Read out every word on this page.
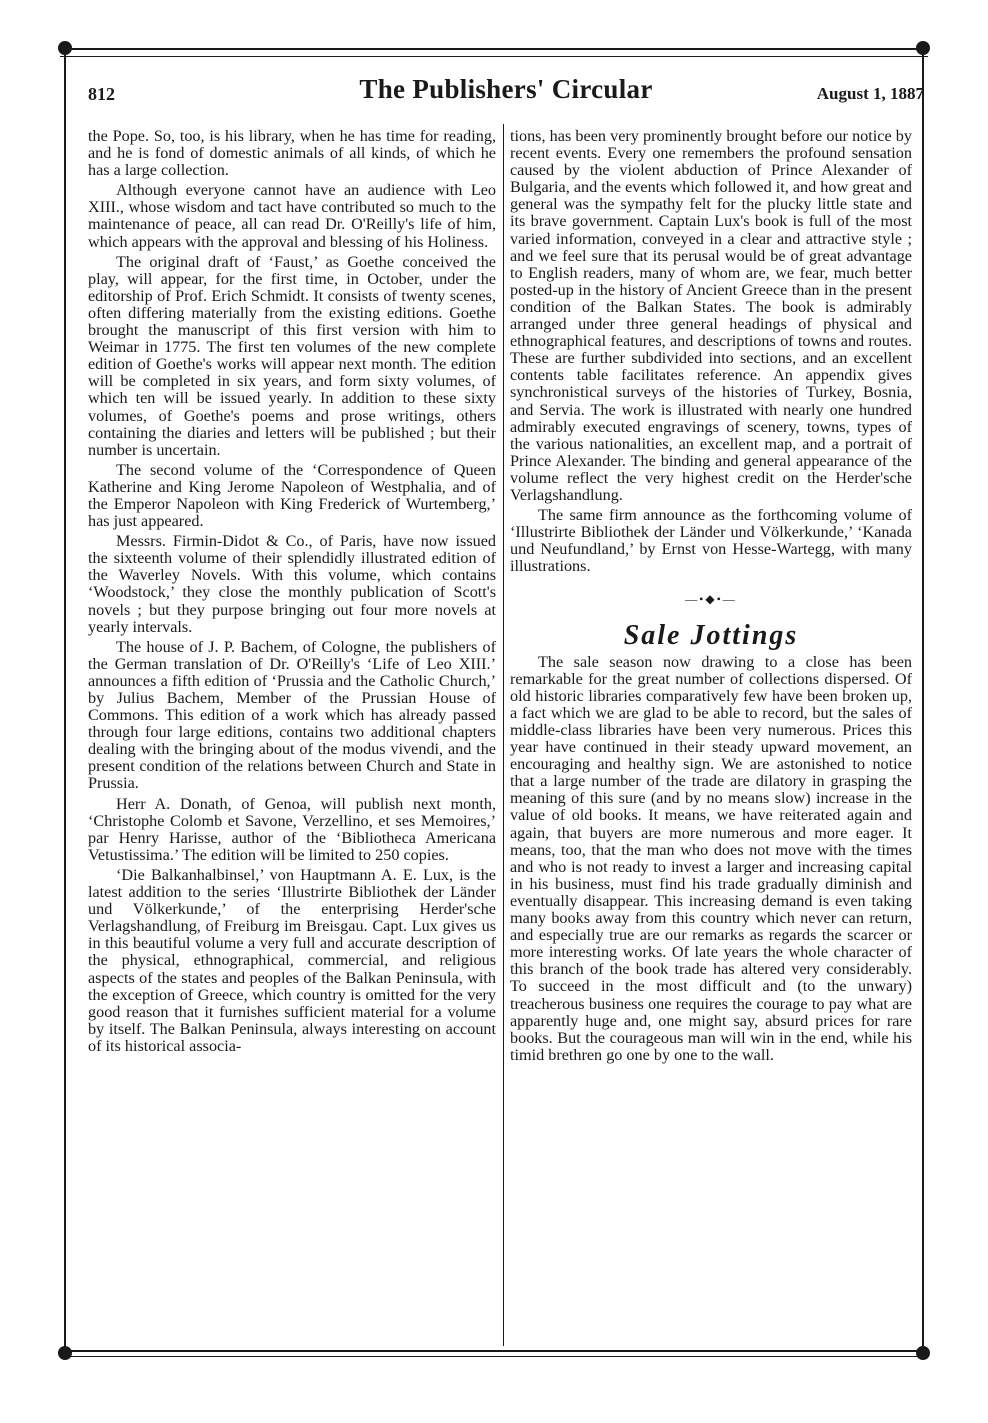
812	The Publishers' Circular	August 1, 1887

the Pope. So, too, is his library, when he has time for reading, and he is fond of domestic animals of all kinds, of which he has a large collection.

Although everyone cannot have an audience with Leo XIII., whose wisdom and tact have contributed so much to the maintenance of peace, all can read Dr. O'Reilly's life of him, which appears with the approval and blessing of his Holiness.

The original draft of ‘Faust,’ as Goethe conceived the play, will appear, for the first time, in October, under the editorship of Prof. Erich Schmidt. It consists of twenty scenes, often differing materially from the existing editions. Goethe brought the manuscript of this first version with him to Weimar in 1775. The first ten volumes of the new complete edition of Goethe's works will appear next month. The edition will be completed in six years, and form sixty volumes, of which ten will be issued yearly. In addition to these sixty volumes, of Goethe's poems and prose writings, others containing the diaries and letters will be published ; but their number is uncertain.

The second volume of the ‘Correspondence of Queen Katherine and King Jerome Napoleon of Westphalia, and of the Emperor Napoleon with King Frederick of Wurtemberg,’ has just appeared.

Messrs. Firmin-Didot & Co., of Paris, have now issued the sixteenth volume of their splendidly illustrated edition of the Waverley Novels. With this volume, which contains ‘Woodstock,’ they close the monthly publication of Scott's novels ; but they purpose bringing out four more novels at yearly intervals.

The house of J. P. Bachem, of Cologne, the publishers of the German translation of Dr. O'Reilly's ‘Life of Leo XIII.’ announces a fifth edition of ‘Prussia and the Catholic Church,’ by Julius Bachem, Member of the Prussian House of Commons. This edition of a work which has already passed through four large editions, contains two additional chapters dealing with the bringing about of the modus vivendi, and the present condition of the relations between Church and State in Prussia.

Herr A. Donath, of Genoa, will publish next month, ‘Christophe Colomb et Savone, Verzellino, et ses Memoires,’ par Henry Harisse, author of the ‘Bibliotheca Americana Vetustissima.’ The edition will be limited to 250 copies.

‘Die Balkanhalbinsel,’ von Hauptmann A. E. Lux, is the latest addition to the series ‘Illustrirte Bibliothek der Länder und Völkerkunde,’ of the enterprising Herder'sche Verlagshandlung, of Freiburg im Breisgau. Capt. Lux gives us in this beautiful volume a very full and accurate description of the physical, ethnographical, commercial, and religious aspects of the states and peoples of the Balkan Peninsula, with the exception of Greece, which country is omitted for the very good reason that it furnishes sufficient material for a volume by itself. The Balkan Peninsula, always interesting on account of its historical associa-

tions, has been very prominently brought before our notice by recent events. Every one remembers the profound sensation caused by the violent abduction of Prince Alexander of Bulgaria, and the events which followed it, and how great and general was the sympathy felt for the plucky little state and its brave government. Captain Lux's book is full of the most varied information, conveyed in a clear and attractive style ; and we feel sure that its perusal would be of great advantage to English readers, many of whom are, we fear, much better posted-up in the history of Ancient Greece than in the present condition of the Balkan States. The book is admirably arranged under three general headings of physical and ethnographical features, and descriptions of towns and routes. These are further subdivided into sections, and an excellent contents table facilitates reference. An appendix gives synchronistical surveys of the histories of Turkey, Bosnia, and Servia. The work is illustrated with nearly one hundred admirably executed engravings of scenery, towns, types of the various nationalities, an excellent map, and a portrait of Prince Alexander. The binding and general appearance of the volume reflect the very highest credit on the Herder'sche Verlagshandlung.

The same firm announce as the forthcoming volume of ‘Illustrirte Bibliothek der Länder und Völkerkunde,’ ‘Kanada und Neufundland,’ by Ernst von Hesse-Wartegg, with many illustrations.

—•◆•—
Sale Jottings

The sale season now drawing to a close has been remarkable for the great number of collections dispersed. Of old historic libraries comparatively few have been broken up, a fact which we are glad to be able to record, but the sales of middle-class libraries have been very numerous. Prices this year have continued in their steady upward movement, an encouraging and healthy sign. We are astonished to notice that a large number of the trade are dilatory in grasping the meaning of this sure (and by no means slow) increase in the value of old books. It means, we have reiterated again and again, that buyers are more numerous and more eager. It means, too, that the man who does not move with the times and who is not ready to invest a larger and increasing capital in his business, must find his trade gradually diminish and eventually disappear. This increasing demand is even taking many books away from this country which never can return, and especially true are our remarks as regards the scarcer or more interesting works. Of late years the whole character of this branch of the book trade has altered very considerably. To succeed in the most difficult and (to the unwary) treacherous business one requires the courage to pay what are apparently huge and, one might say, absurd prices for rare books. But the courageous man will win in the end, while his timid brethren go one by one to the wall.
